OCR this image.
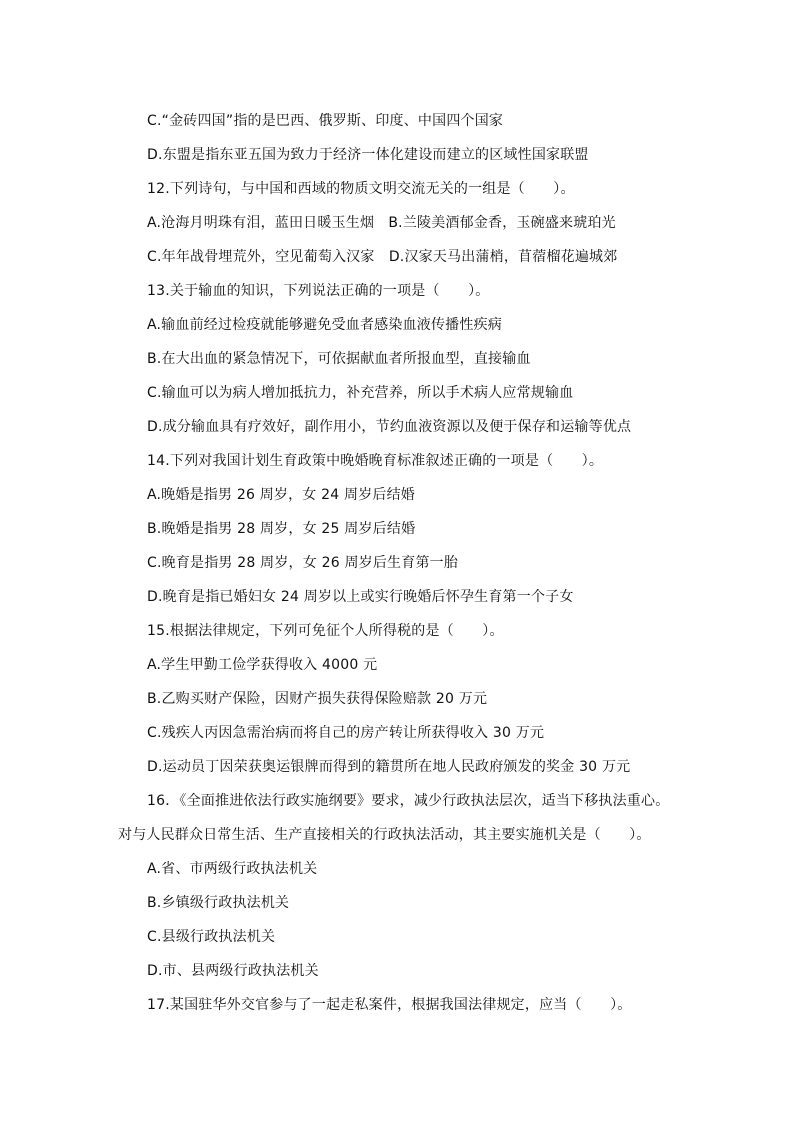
C.“金砖四国”指的是巴西、俄罗斯、印度、中国四个国家
D.东盟是指东亚五国为致力于经济一体化建设而建立的区域性国家联盟
12.下列诗句，与中国和西域的物质文明交流无关的一组是（　　）。
A.沧海月明珠有泪，蓝田日暖玉生烟　B.兰陵美酒郁金香，玉碗盛来琥珀光
C.年年战骨埋荒外，空见葡萄入汉家　D.汉家天马出蒲梢，苜蓿榴花遍城郊
13.关于输血的知识，下列说法正确的一项是（　　）。
A.输血前经过检疫就能够避免受血者感染血液传播性疾病
B.在大出血的紧急情况下，可依据献血者所报血型，直接输血
C.输血可以为病人增加抵抗力，补充营养，所以手术病人应常规输血
D.成分输血具有疗效好，副作用小，节约血液资源以及便于保存和运输等优点
14.下列对我国计划生育政策中晚婚晚育标准叙述正确的一项是（　　）。
A.晚婚是指男 26 周岁，女 24 周岁后结婚
B.晚婚是指男 28 周岁，女 25 周岁后结婚
C.晚育是指男 28 周岁，女 26 周岁后生育第一胎
D.晚育是指已婚妇女 24 周岁以上或实行晚婚后怀孕生育第一个子女
15.根据法律规定，下列可免征个人所得税的是（　　）。
A.学生甲勤工俭学获得收入 4000 元
B.乙购买财产保险，因财产损失获得保险赔款 20 万元
C.残疾人丙因急需治病而将自己的房产转让所获得收入 30 万元
D.运动员丁因荣获奥运银牌而得到的籍贯所在地人民政府颁发的奖金 30 万元
16．《全面推进依法行政实施纲要》要求，减少行政执法层次，适当下移执法重心。
对与人民群众日常生活、生产直接相关的行政执法活动，其主要实施机关是（　　）。
A.省、市两级行政执法机关
B.乡镇级行政执法机关
C.县级行政执法机关
D.市、县两级行政执法机关
17.某国驻华外交官参与了一起走私案件，根据我国法律规定，应当（　　）。
